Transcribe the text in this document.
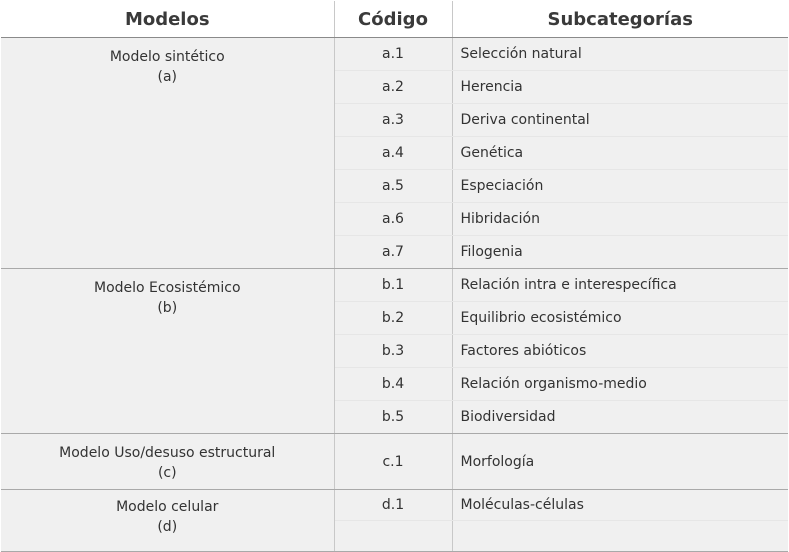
Modelos	Código	Subcategorías

Modelo sintético
(a)	a.1	Selección natural
	a.2	Herencia
	a.3	Deriva continental
	a.4	Genética
	a.5	Especiación
	a.6	Hibridación
	a.7	Filogenia

Modelo Ecosistémico
(b)	b.1	Relación intra e interespecífica
	b.2	Equilibrio ecosistémico
	b.3	Factores abióticos
	b.4	Relación organismo-medio
	b.5	Biodiversidad

Modelo Uso/desuso estructural
(c)	c.1	Morfología

Modelo celular
(d)	d.1	Moléculas-células
